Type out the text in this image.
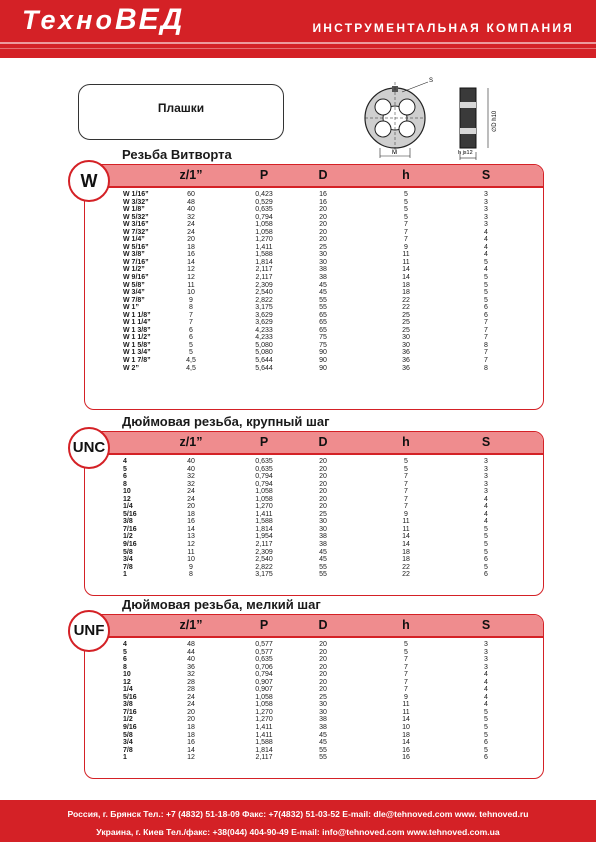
ТехноВЕД	ИНСТРУМЕНТАЛЬНАЯ КОМПАНИЯ
Плашки
S
M	h js12
∅D h10
Резьба Витворта
z/1”	P	D	h	S
W 1/16”	60	0,423	16	5	3
W 3/32”	48	0,529	16	5	3
W 1/8”	40	0,635	20	5	3
W 5/32”	32	0,794	20	5	3
W 3/16”	24	1,058	20	7	3
W 7/32”	24	1,058	20	7	4
W 1/4”	20	1,270	20	7	4
W 5/16”	18	1,411	25	9	4
W 3/8”	16	1,588	30	11	4
W 7/16”	14	1,814	30	11	5
W 1/2”	12	2,117	38	14	4
W 9/16”	12	2,117	38	14	5
W 5/8”	11	2,309	45	18	5
W 3/4”	10	2,540	45	18	5
W 7/8”	9	2,822	55	22	5
W 1”	8	3,175	55	22	6
W 1 1/8”	7	3,629	65	25	6
W 1 1/4”	7	3,629	65	25	7
W 1 3/8”	6	4,233	65	25	7
W 1 1/2”	6	4,233	75	30	7
W 1 5/8”	5	5,080	75	30	8
W 1 3/4”	5	5,080	90	36	7
W 1 7/8”	4,5	5,644	90	36	7
W 2”	4,5	5,644	90	36	8
W
Дюймовая резьба, крупный шаг
z/1”	P	D	h	S
4	40	0,635	20	5	3
5	40	0,635	20	5	3
6	32	0,794	20	7	3
8	32	0,794	20	7	3
10	24	1,058	20	7	3
12	24	1,058	20	7	4
1/4	20	1,270	20	7	4
5/16	18	1,411	25	9	4
3/8	16	1,588	30	11	4
7/16	14	1,814	30	11	5
1/2	13	1,954	38	14	5
9/16	12	2,117	38	14	5
5/8	11	2,309	45	18	5
3/4	10	2,540	45	18	6
7/8	9	2,822	55	22	5
1	8	3,175	55	22	6
UNC
Дюймовая резьба, мелкий шаг
z/1”	P	D	h	S
4	48	0,577	20	5	3
5	44	0,577	20	5	3
6	40	0,635	20	7	3
8	36	0,706	20	7	3
10	32	0,794	20	7	4
12	28	0,907	20	7	4
1/4	28	0,907	20	7	4
5/16	24	1,058	25	9	4
3/8	24	1,058	30	11	4
7/16	20	1,270	30	11	5
1/2	20	1,270	38	14	5
9/16	18	1,411	38	10	5
5/8	18	1,411	45	18	5
3/4	16	1,588	45	14	6
7/8	14	1,814	55	16	5
1	12	2,117	55	16	6
UNF
Россия, г. Брянск Тел.: +7 (4832) 51-18-09 Факс: +7(4832) 51-03-52 E-mail: dle@tehnoved.com www. tehnoved.ru
Украина, г. Киев Тел./факс: +38(044) 404-90-49 E-mail: info@tehnoved.com www.tehnoved.com.ua
